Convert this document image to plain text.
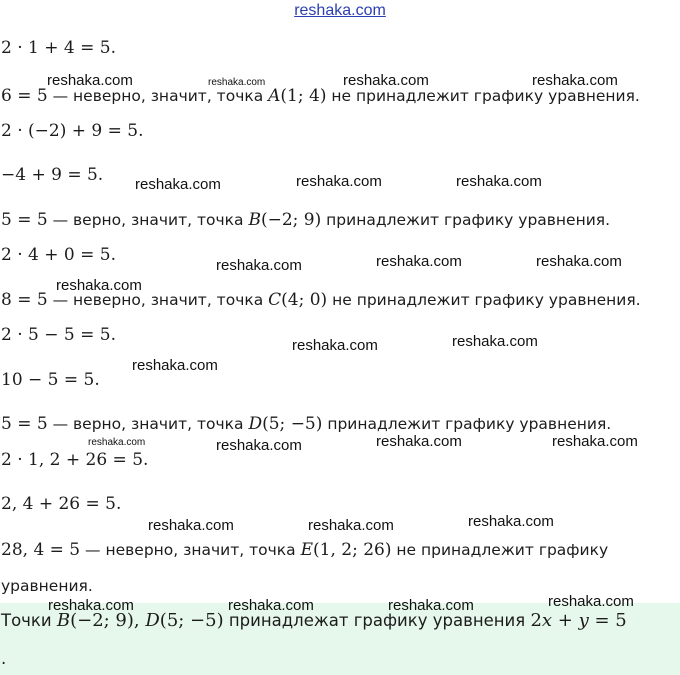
reshaka.com
2 · 1 + 4 = 5.
6 = 5 — неверно, значит, точка A(1; 4) не принадлежит графику уравнения.
2 · (−2) + 9 = 5.
−4 + 9 = 5.
5 = 5 — верно, значит, точка B(−2; 9) принадлежит графику уравнения.
2 · 4 + 0 = 5.
8 = 5 — неверно, значит, точка C(4; 0) не принадлежит графику уравнения.
2 · 5 − 5 = 5.
10 − 5 = 5.
5 = 5 — верно, значит, точка D(5; −5) принадлежит графику уравнения.
2 · 1, 2 + 26 = 5.
2, 4 + 26 = 5.
28, 4 = 5 — неверно, значит, точка E(1, 2; 26) не принадлежит графику
уравнения.
Точки B(−2; 9), D(5; −5) принадлежат графику уравнения 2x + y = 5
.
reshaka.com	reshaka.com	reshaka.com	reshaka.com
reshaka.com	reshaka.com	reshaka.com
reshaka.com	reshaka.com	reshaka.com
reshaka.com
reshaka.com	reshaka.com
reshaka.com
reshaka.com	reshaka.com	reshaka.com	reshaka.com
reshaka.com	reshaka.com	reshaka.com
reshaka.com	reshaka.com	reshaka.com	reshaka.com
